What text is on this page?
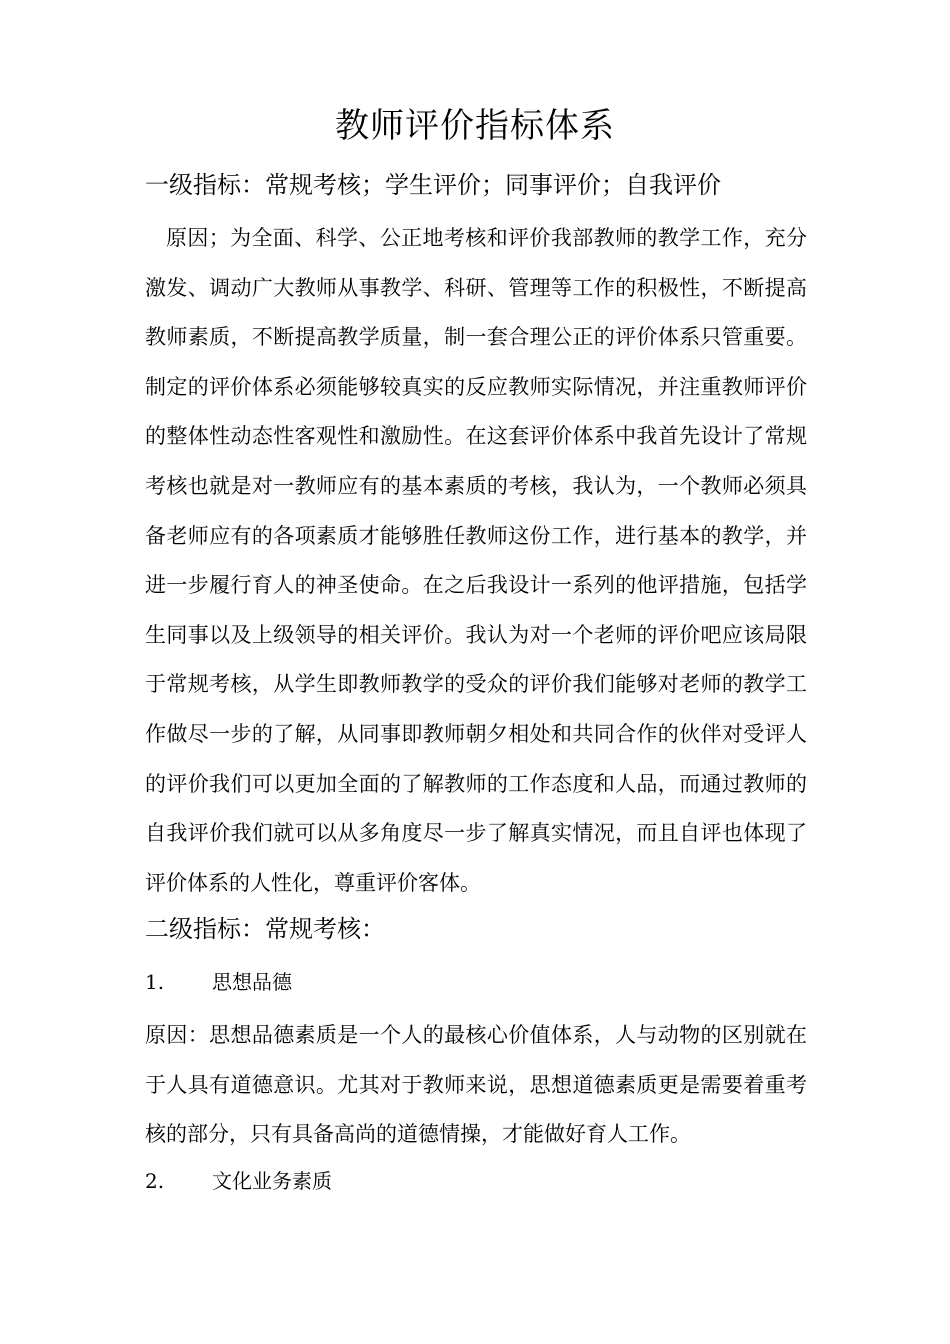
教师评价指标体系
一级指标：常规考核；学生评价；同事评价；自我评价

原因；为全面、科学、公正地考核和评价我部教师的教学工作，充分激发、调动广大教师从事教学、科研、管理等工作的积极性，不断提高教师素质，不断提高教学质量，制一套合理公正的评价体系只管重要。制定的评价体系必须能够较真实的反应教师实际情况，并注重教师评价的整体性动态性客观性和激励性。在这套评价体系中我首先设计了常规考核也就是对一教师应有的基本素质的考核，我认为，一个教师必须具备老师应有的各项素质才能够胜任教师这份工作，进行基本的教学，并进一步履行育人的神圣使命。在之后我设计一系列的他评措施，包括学生同事以及上级领导的相关评价。我认为对一个老师的评价吧应该局限于常规考核，从学生即教师教学的受众的评价我们能够对老师的教学工作做尽一步的了解，从同事即教师朝夕相处和共同合作的伙伴对受评人的评价我们可以更加全面的了解教师的工作态度和人品，而通过教师的自我评价我们就可以从多角度尽一步了解真实情况，而且自评也体现了评价体系的人性化，尊重评价客体。

二级指标：常规考核：
1. 思想品德

原因：思想品德素质是一个人的最核心价值体系，人与动物的区别就在于人具有道德意识。尤其对于教师来说，思想道德素质更是需要着重考核的部分，只有具备高尚的道德情操，才能做好育人工作。

2. 文化业务素质
